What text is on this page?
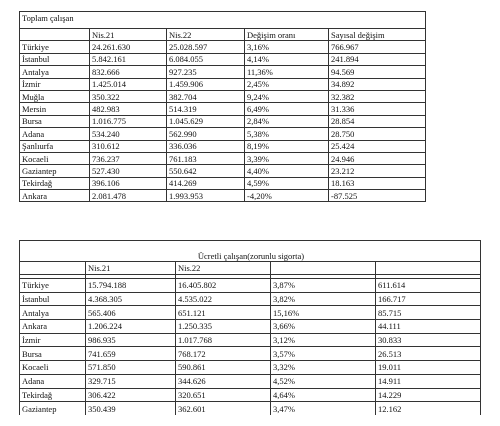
Toplam çalışan				
	Nis.21	Nis.22	Değişim oranı	Sayısal değişim
Türkiye	24.261.630	25.028.597	3,16%	766.967
İstanbul	5.842.161	6.084.055	4,14%	241.894
Antalya	832.666	927.235	11,36%	94.569
İzmir	1.425.014	1.459.906	2,45%	34.892
Muğla	350.322	382.704	9,24%	32.382
Mersin	482.983	514.319	6,49%	31.336
Bursa	1.016.775	1.045.629	2,84%	28.854
Adana	534.240	562.990	5,38%	28.750
Şanlıurfa	310.612	336.036	8,19%	25.424
Kocaeli	736.237	761.183	3,39%	24.946
Gaziantep	527.430	550.642	4,40%	23.212
Tekirdağ	396.106	414.269	4,59%	18.163
Ankara	2.081.478	1.993.953	-4,20%	-87.525
Ücretli çalışan(zorunlu sigorta)				
	Nis.21	Nis.22		

Türkiye	15.794.188	16.405.802	3,87%	611.614
İstanbul	4.368.305	4.535.022	3,82%	166.717
Antalya	565.406	651.121	15,16%	85.715
Ankara	1.206.224	1.250.335	3,66%	44.111
İzmir	986.935	1.017.768	3,12%	30.833
Bursa	741.659	768.172	3,57%	26.513
Kocaeli	571.850	590.861	3,32%	19.011
Adana	329.715	344.626	4,52%	14.911
Tekirdağ	306.422	320.651	4,64%	14.229
Gaziantep	350.439	362.601	3,47%	12.162
